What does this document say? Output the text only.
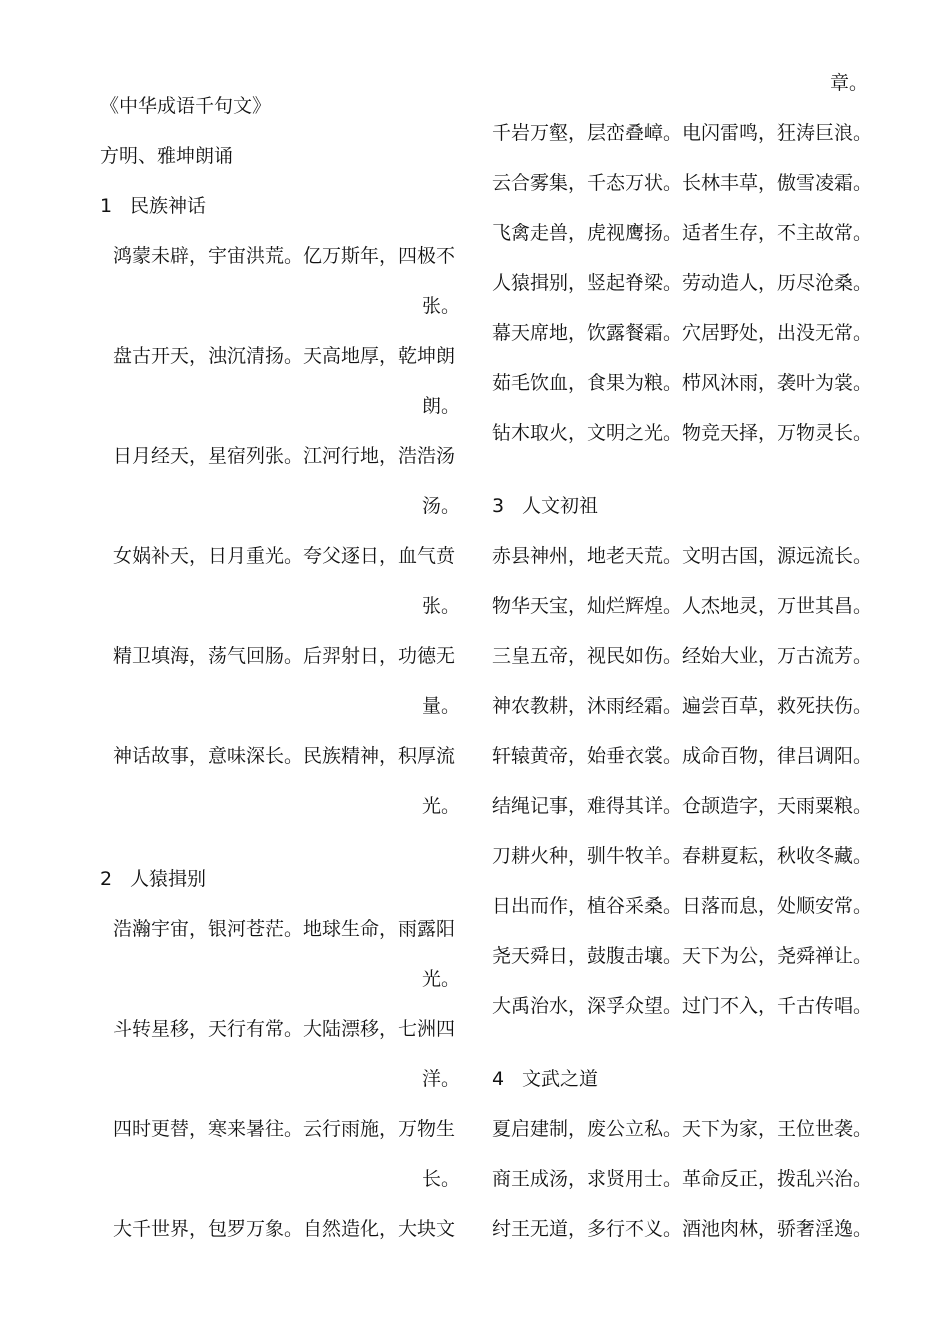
《中华成语千句文》
方明、雅坤朗诵
1 民族神话
鸿蒙未辟，宇宙洪荒。亿万斯年，四极不
张。
盘古开天，浊沉清扬。天高地厚，乾坤朗
朗。
日月经天，星宿列张。江河行地，浩浩汤
汤。
女娲补天，日月重光。夸父逐日，血气贲
张。
精卫填海，荡气回肠。后羿射日，功德无
量。
神话故事，意味深长。民族精神，积厚流
光。
2 人猿揖别
浩瀚宇宙，银河苍茫。地球生命，雨露阳
光。
斗转星移，天行有常。大陆漂移，七洲四
洋。
四时更替，寒来暑往。云行雨施，万物生
长。
大千世界，包罗万象。自然造化，大块文
章。
千岩万壑，层峦叠嶂。电闪雷鸣，狂涛巨浪。
云合雾集，千态万状。长林丰草，傲雪凌霜。
飞禽走兽，虎视鹰扬。适者生存，不主故常。
人猿揖别，竖起脊梁。劳动造人，历尽沧桑。
幕天席地，饮露餐霜。穴居野处，出没无常。
茹毛饮血，食果为粮。栉风沐雨，袭叶为裳。
钻木取火，文明之光。物竞天择，万物灵长。
3 人文初祖
赤县神州，地老天荒。文明古国，源远流长。
物华天宝，灿烂辉煌。人杰地灵，万世其昌。
三皇五帝，视民如伤。经始大业，万古流芳。
神农教耕，沐雨经霜。遍尝百草，救死扶伤。
轩辕黄帝，始垂衣裳。成命百物，律吕调阳。
结绳记事，难得其详。仓颉造字，天雨粟粮。
刀耕火种，驯牛牧羊。春耕夏耘，秋收冬藏。
日出而作，植谷采桑。日落而息，处顺安常。
尧天舜日，鼓腹击壤。天下为公，尧舜禅让。
大禹治水，深孚众望。过门不入，千古传唱。
4 文武之道
夏启建制，废公立私。天下为家，王位世袭。
商王成汤，求贤用士。革命反正，拨乱兴治。
纣王无道，多行不义。酒池肉林，骄奢淫逸。
